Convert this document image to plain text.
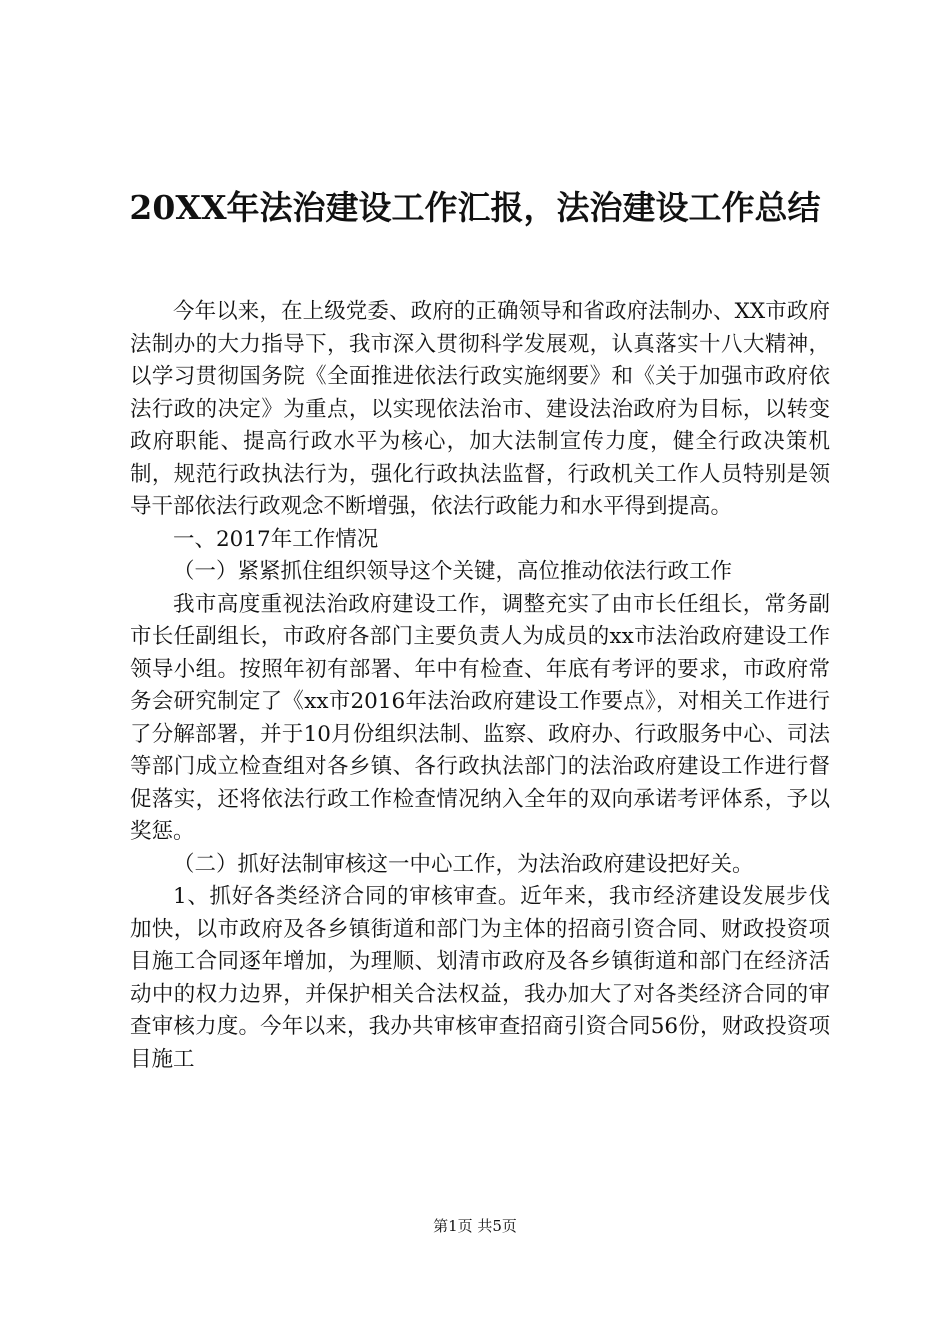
20XX年法治建设工作汇报，法治建设工作总结

今年以来，在上级党委、政府的正确领导和省政府法制办、XX市政府法制办的大力指导下，我市深入贯彻科学发展观，认真落实十八大精神，以学习贯彻国务院《全面推进依法行政实施纲要》和《关于加强市政府依法行政的决定》为重点，以实现依法治市、建设法治政府为目标，以转变政府职能、提高行政水平为核心，加大法制宣传力度，健全行政决策机制，规范行政执法行为，强化行政执法监督，行政机关工作人员特别是领导干部依法行政观念不断增强，依法行政能力和水平得到提高。

一、2017年工作情况

（一）紧紧抓住组织领导这个关键，高位推动依法行政工作

我市高度重视法治政府建设工作，调整充实了由市长任组长，常务副市长任副组长，市政府各部门主要负责人为成员的xx市法治政府建设工作领导小组。按照年初有部署、年中有检查、年底有考评的要求，市政府常务会研究制定了《xx市2016年法治政府建设工作要点》，对相关工作进行了分解部署，并于10月份组织法制、监察、政府办、行政服务中心、司法等部门成立检查组对各乡镇、各行政执法部门的法治政府建设工作进行督促落实，还将依法行政工作检查情况纳入全年的双向承诺考评体系，予以奖惩。

（二）抓好法制审核这一中心工作，为法治政府建设把好关。

1、抓好各类经济合同的审核审查。近年来，我市经济建设发展步伐加快，以市政府及各乡镇街道和部门为主体的招商引资合同、财政投资项目施工合同逐年增加，为理顺、划清市政府及各乡镇街道和部门在经济活动中的权力边界，并保护相关合法权益，我办加大了对各类经济合同的审查审核力度。今年以来，我办共审核审查招商引资合同56份，财政投资项目施工

第1页 共5页
